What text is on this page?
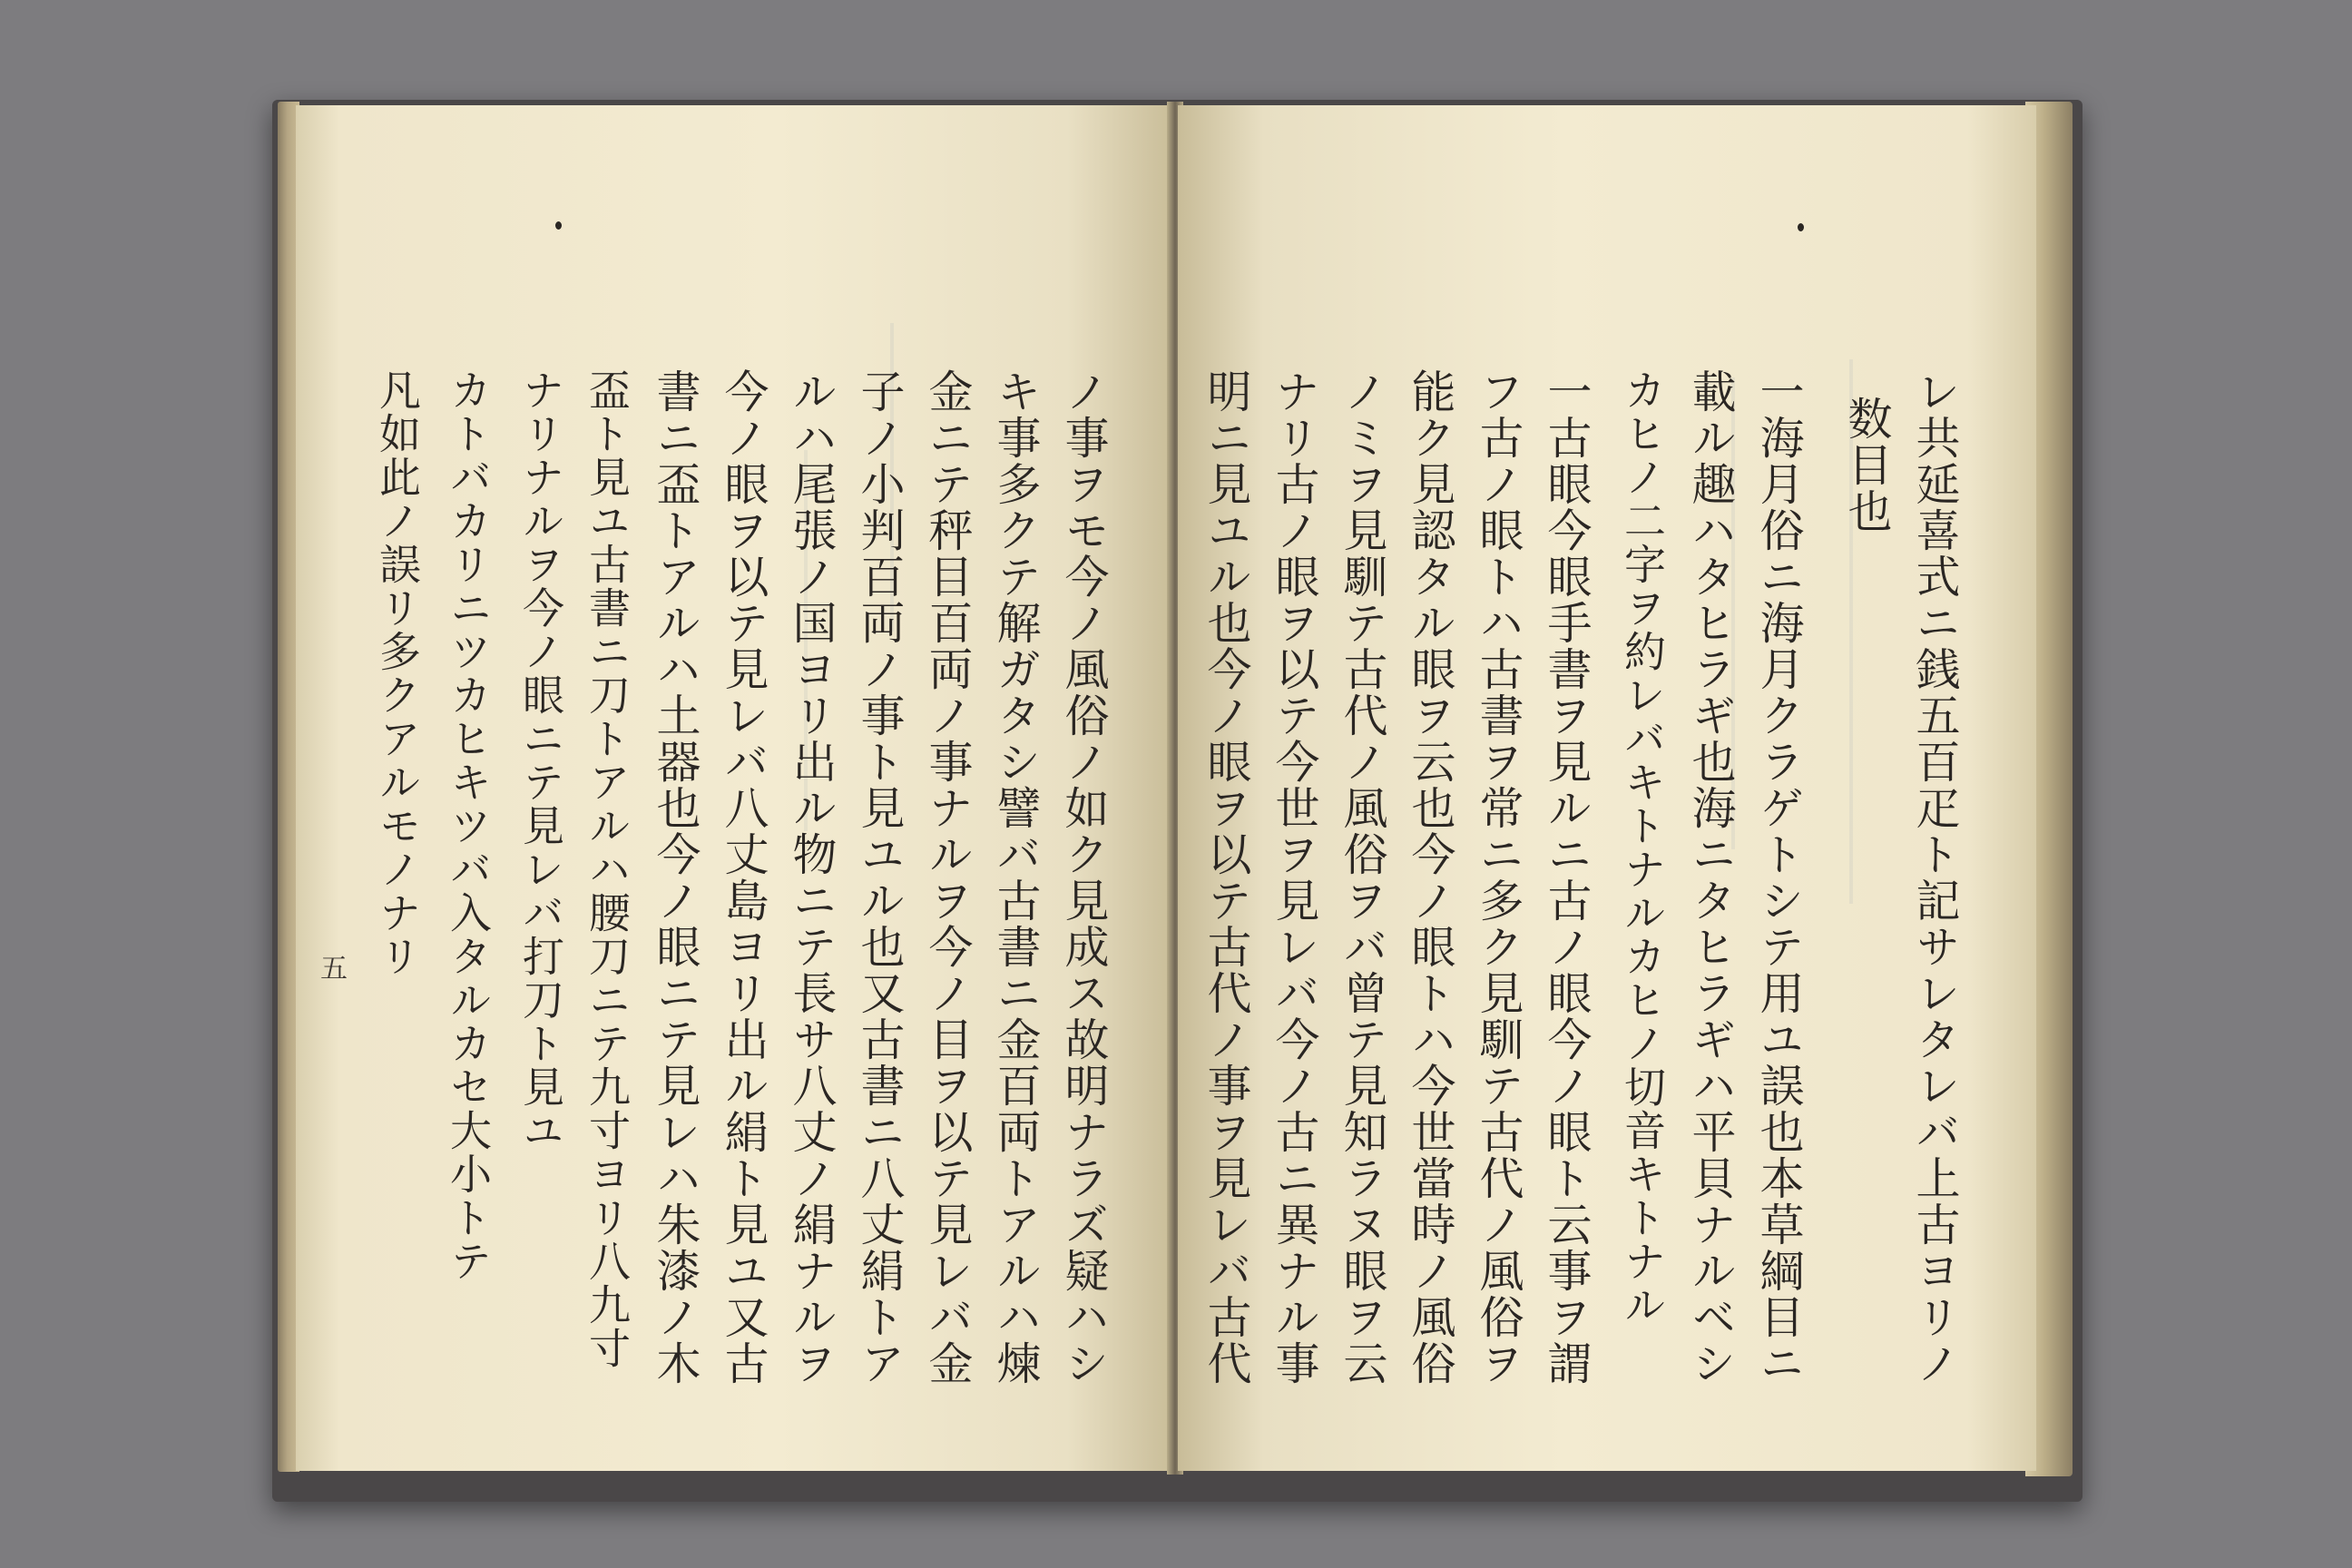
ノ事ヲモ今ノ風俗ノ如ク見成ス故明ナラズ疑ハシ
キ事多クテ解ガタシ譬バ古書ニ金百両トアルハ煉
金ニテ秤目百両ノ事ナルヲ今ノ目ヲ以テ見レバ金
子ノ小判百両ノ事ト見ユル也又古書ニ八丈絹トア
ルハ尾張ノ国ヨリ出ル物ニテ長サ八丈ノ絹ナルヲ
今ノ眼ヲ以テ見レバ八丈島ヨリ出ル絹ト見ユ又古
書ニ盃トアルハ土器也今ノ眼ニテ見レハ朱漆ノ木
盃ト見ユ古書ニ刀トアルハ腰刀ニテ九寸ヨリ八九寸
ナリナルヲ今ノ眼ニテ見レバ打刀ト見ユ
カトバカリニツカヒキツバ入タルカセ大小トテ
凡如此ノ誤リ多クアルモノナリ
五	レ共延喜式ニ銭五百疋ト記サレタレバ上古ヨリノ
数目也
一海月俗ニ海月クラゲトシテ用ユ誤也本草綱目ニ
載ル趣ハタヒラギ也海ニタヒラギハ平貝ナルベシ
カヒノ二字ヲ約レバキトナルカヒノ切音キトナル
一古眼今眼手書ヲ見ルニ古ノ眼今ノ眼ト云事ヲ謂
フ古ノ眼トハ古書ヲ常ニ多ク見馴テ古代ノ風俗ヲ
能ク見認タル眼ヲ云也今ノ眼トハ今世當時ノ風俗
ノミヲ見馴テ古代ノ風俗ヲバ曾テ見知ラヌ眼ヲ云
ナリ古ノ眼ヲ以テ今世ヲ見レバ今ノ古ニ異ナル事
明ニ見ユル也今ノ眼ヲ以テ古代ノ事ヲ見レバ古代
